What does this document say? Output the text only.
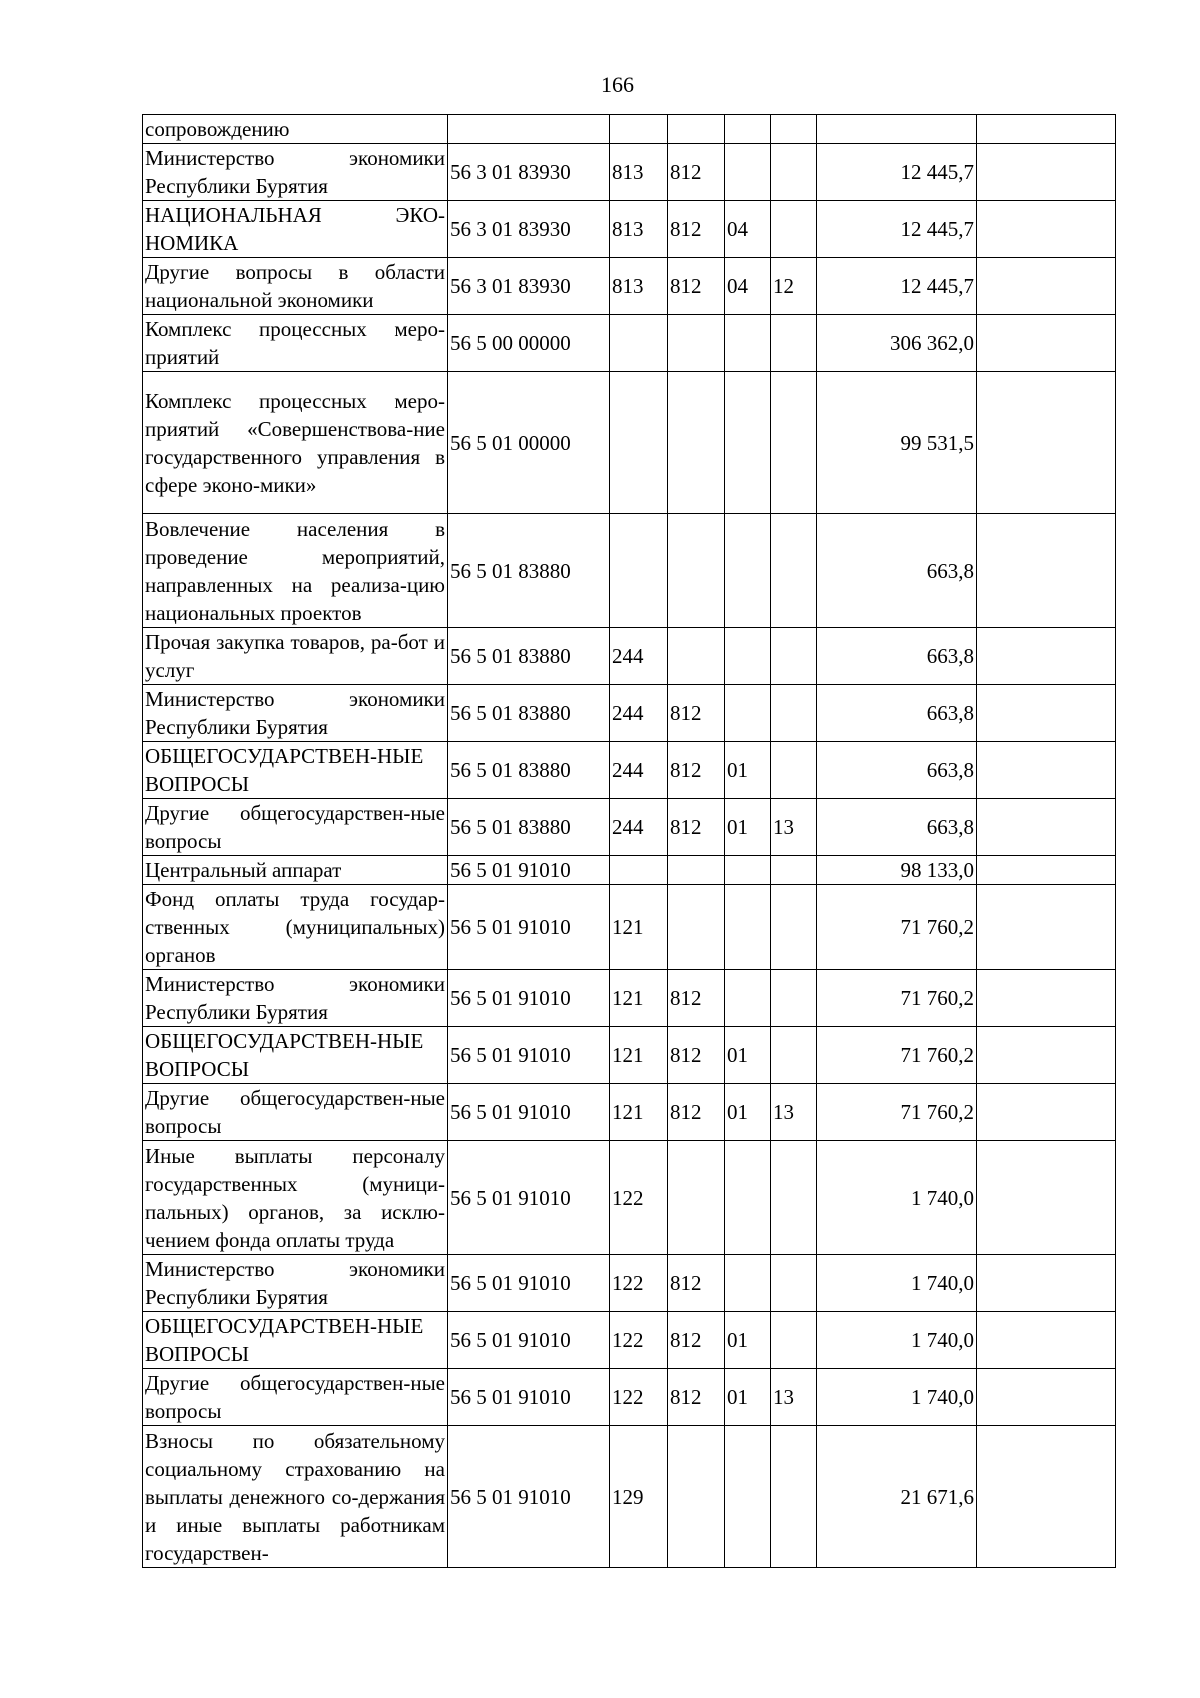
166
сопровождению							
Министерство экономики Республики Бурятия	56 3 01 83930	813	812			12 445,7	
НАЦИОНАЛЬНАЯ ЭКО-НОМИКА	56 3 01 83930	813	812	04		12 445,7	
Другие вопросы в области национальной экономики	56 3 01 83930	813	812	04	12	12 445,7	
Комплекс процессных меро-приятий	56 5 00 00000					306 362,0	
Комплекс процессных меро-приятий «Совершенствова-ние государственного управления в сфере эконо-мики»	56 5 01 00000					99 531,5	
Вовлечение населения в проведение мероприятий, направленных на реализа-цию национальных проектов	56 5 01 83880					663,8	
Прочая закупка товаров, ра-бот и услуг	56 5 01 83880	244				663,8	
Министерство экономики Республики Бурятия	56 5 01 83880	244	812			663,8	
ОБЩЕГОСУДАРСТВЕН-НЫЕ ВОПРОСЫ	56 5 01 83880	244	812	01		663,8	
Другие общегосударствен-ные вопросы	56 5 01 83880	244	812	01	13	663,8	
Центральный аппарат	56 5 01 91010					98 133,0	
Фонд оплаты труда государ-ственных (муниципальных) органов	56 5 01 91010	121				71 760,2	
Министерство экономики Республики Бурятия	56 5 01 91010	121	812			71 760,2	
ОБЩЕГОСУДАРСТВЕН-НЫЕ ВОПРОСЫ	56 5 01 91010	121	812	01		71 760,2	
Другие общегосударствен-ные вопросы	56 5 01 91010	121	812	01	13	71 760,2	
Иные выплаты персоналу государственных (муници-пальных) органов, за исклю-чением фонда оплаты труда	56 5 01 91010	122				1 740,0	
Министерство экономики Республики Бурятия	56 5 01 91010	122	812			1 740,0	
ОБЩЕГОСУДАРСТВЕН-НЫЕ ВОПРОСЫ	56 5 01 91010	122	812	01		1 740,0	
Другие общегосударствен-ные вопросы	56 5 01 91010	122	812	01	13	1 740,0	
Взносы по обязательному социальному страхованию на выплаты денежного со-держания и иные выплаты работникам государствен-	56 5 01 91010	129				21 671,6	
